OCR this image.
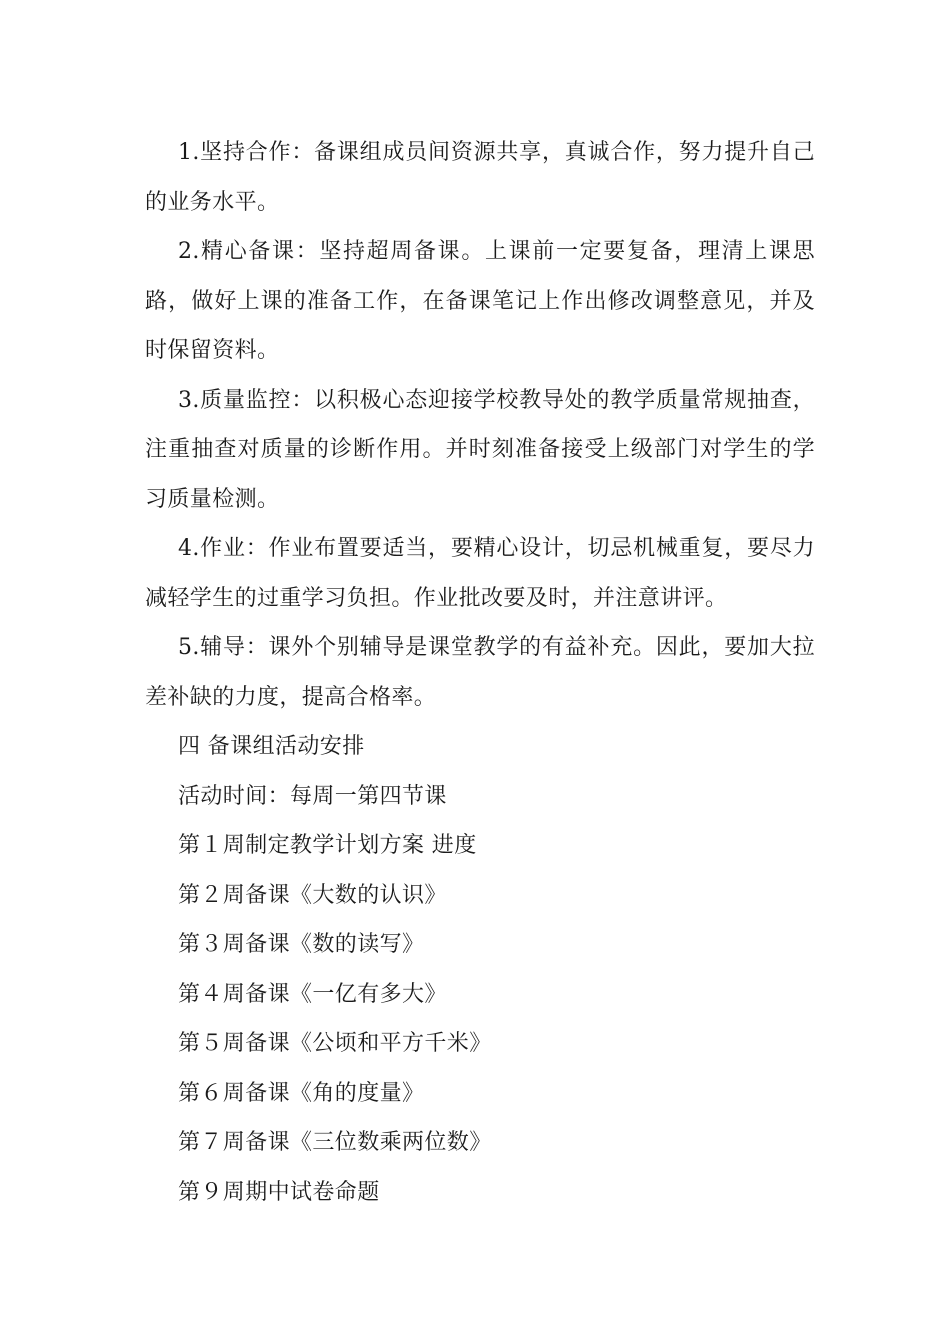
1.坚持合作：备课组成员间资源共享，真诚合作，努力提升自己的业务水平。

2.精心备课：坚持超周备课。上课前一定要复备，理清上课思路，做好上课的准备工作，在备课笔记上作出修改调整意见，并及时保留资料。

3.质量监控：以积极心态迎接学校教导处的教学质量常规抽查，注重抽查对质量的诊断作用。并时刻准备接受上级部门对学生的学习质量检测。

4.作业：作业布置要适当，要精心设计，切忌机械重复，要尽力减轻学生的过重学习负担。作业批改要及时，并注意讲评。

5.辅导：课外个别辅导是课堂教学的有益补充。因此，要加大拉差补缺的力度，提高合格率。

四 备课组活动安排

活动时间：每周一第四节课

第１周制定教学计划方案 进度

第２周备课《大数的认识》

第３周备课《数的读写》

第４周备课《一亿有多大》

第５周备课《公顷和平方千米》

第６周备课《角的度量》

第７周备课《三位数乘两位数》

第９周期中试卷命题
